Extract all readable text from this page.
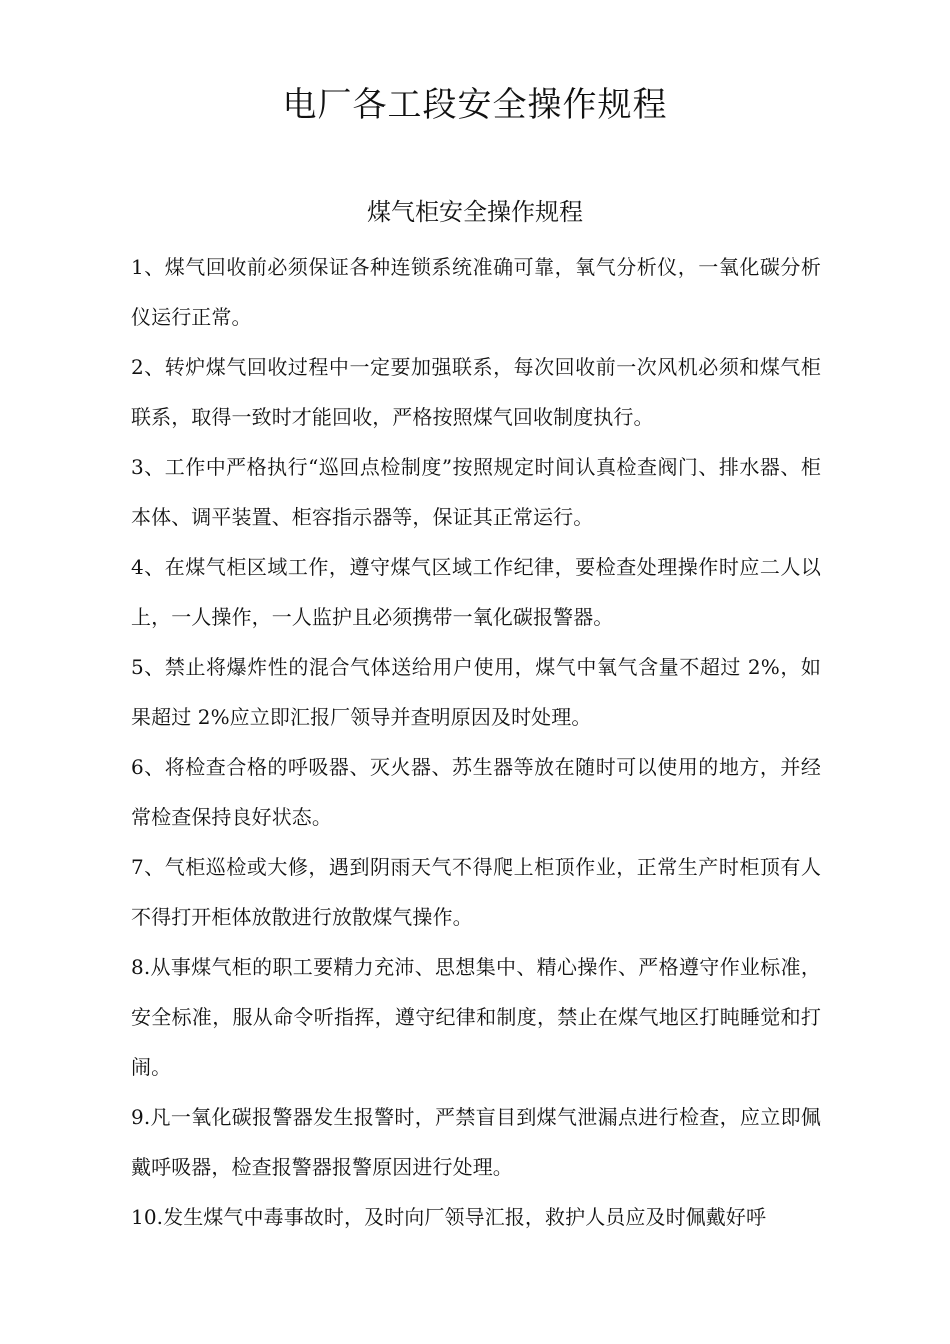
电厂各工段安全操作规程
煤气柜安全操作规程

1、煤气回收前必须保证各种连锁系统准确可靠，氧气分析仪，一氧化碳分析仪运行正常。

2、转炉煤气回收过程中一定要加强联系，每次回收前一次风机必须和煤气柜联系，取得一致时才能回收，严格按照煤气回收制度执行。

3、工作中严格执行“巡回点检制度”按照规定时间认真检查阀门、排水器、柜本体、调平装置、柜容指示器等，保证其正常运行。

4、在煤气柜区域工作，遵守煤气区域工作纪律，要检查处理操作时应二人以上，一人操作，一人监护且必须携带一氧化碳报警器。

5、禁止将爆炸性的混合气体送给用户使用，煤气中氧气含量不超过 2%，如果超过 2%应立即汇报厂领导并查明原因及时处理。

6、将检查合格的呼吸器、灭火器、苏生器等放在随时可以使用的地方，并经常检查保持良好状态。

7、气柜巡检或大修，遇到阴雨天气不得爬上柜顶作业，正常生产时柜顶有人不得打开柜体放散进行放散煤气操作。

8.从事煤气柜的职工要精力充沛、思想集中、精心操作、严格遵守作业标准，安全标准，服从命令听指挥，遵守纪律和制度，禁止在煤气地区打盹睡觉和打闹。

9.凡一氧化碳报警器发生报警时，严禁盲目到煤气泄漏点进行检查，应立即佩戴呼吸器，检查报警器报警原因进行处理。

10.发生煤气中毒事故时，及时向厂领导汇报，救护人员应及时佩戴好呼
